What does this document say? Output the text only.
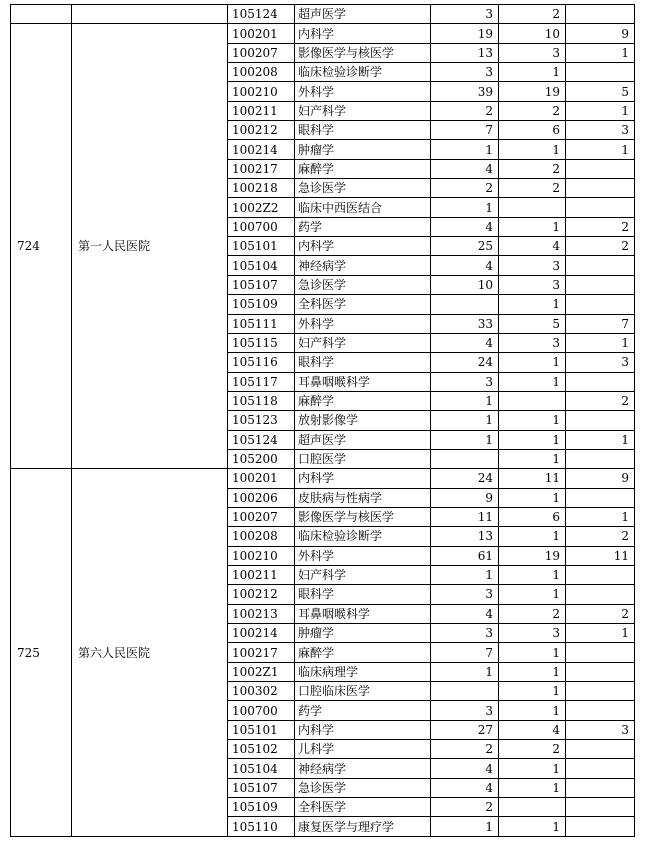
		105124	超声医学	3	2	
724	第一人民医院	100201	内科学	19	10	9
		100207	影像医学与核医学	13	3	1
		100208	临床检验诊断学	3	1	
		100210	外科学	39	19	5
		100211	妇产科学	2	2	1
		100212	眼科学	7	6	3
		100214	肿瘤学	1	1	1
		100217	麻醉学	4	2	
		100218	急诊医学	2	2	
		1002Z2	临床中西医结合	1		
		100700	药学	4	1	2
		105101	内科学	25	4	2
		105104	神经病学	4	3	
		105107	急诊医学	10	3	
		105109	全科医学		1	
		105111	外科学	33	5	7
		105115	妇产科学	4	3	1
		105116	眼科学	24	1	3
		105117	耳鼻咽喉科学	3	1	
		105118	麻醉学	1		2
		105123	放射影像学	1	1	
		105124	超声医学	1	1	1
		105200	口腔医学		1	
725	第六人民医院	100201	内科学	24	11	9
		100206	皮肤病与性病学	9	1	
		100207	影像医学与核医学	11	6	1
		100208	临床检验诊断学	13	1	2
		100210	外科学	61	19	11
		100211	妇产科学	1	1	
		100212	眼科学	3	1	
		100213	耳鼻咽喉科学	4	2	2
		100214	肿瘤学	3	3	1
		100217	麻醉学	7	1	
		1002Z1	临床病理学	1	1	
		100302	口腔临床医学		1	
		100700	药学	3	1	
		105101	内科学	27	4	3
		105102	儿科学	2	2	
		105104	神经病学	4	1	
		105107	急诊医学	4	1	
		105109	全科医学	2		
		105110	康复医学与理疗学	1	1	
